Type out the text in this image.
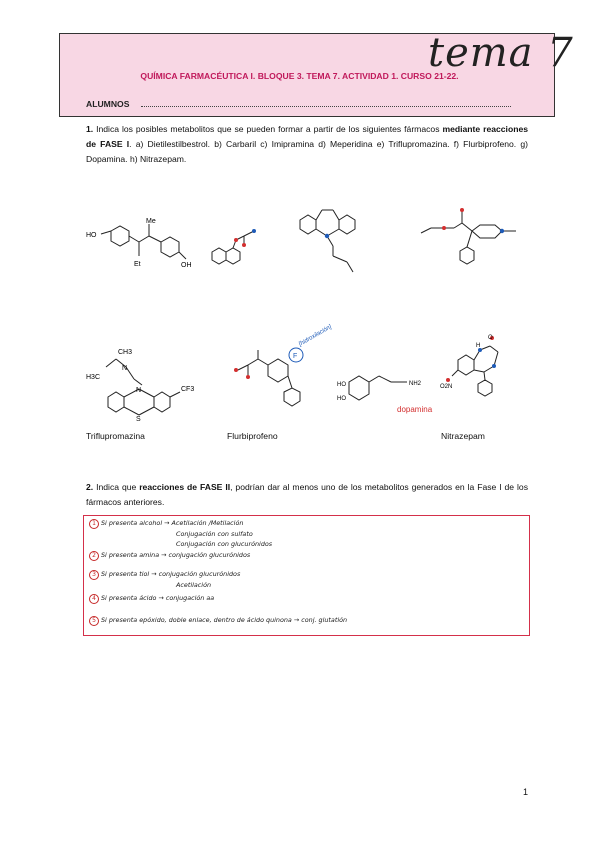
tema 7
QUÍMICA FARMACÉUTICA I. BLOQUE 3. TEMA 7. ACTIVIDAD 1. CURSO 21-22.
ALUMNOS
1. Indica los posibles metabolitos que se pueden formar a partir de los siguientes fármacos mediante reacciones de FASE I. a) Dietilestilbestrol. b) Carbaril c) Imipramina d) Meperidina e) Triflupromazina. f) Flurbiprofeno. g) Dopamina. h) Nitrazepam.
HO
OH
Me
Et
CH3
H3C
N
N
S
CF3
F
[hidroxilación]
HO
HO
NH2
dopamina
O
H
O2N
Triflupromazina	Flurbiprofeno	Nitrazepam
2. Indica que reacciones de FASE II, podrían dar al menos uno de los metabolitos generados en la Fase I de los fármacos anteriores.
1 Si presenta alcohol → Acetilación /Metilación
Conjugación con sulfato
Conjugación con glucurónidos
2 Si presenta amina → conjugación glucurónidos
3 Si presenta tiol → conjugación glucurónidos
Acetilación
4 Si presenta ácido → conjugación aa
5 Si presenta epóxido, doble enlace, dentro de ácido quinona → conj. glutatión
1
